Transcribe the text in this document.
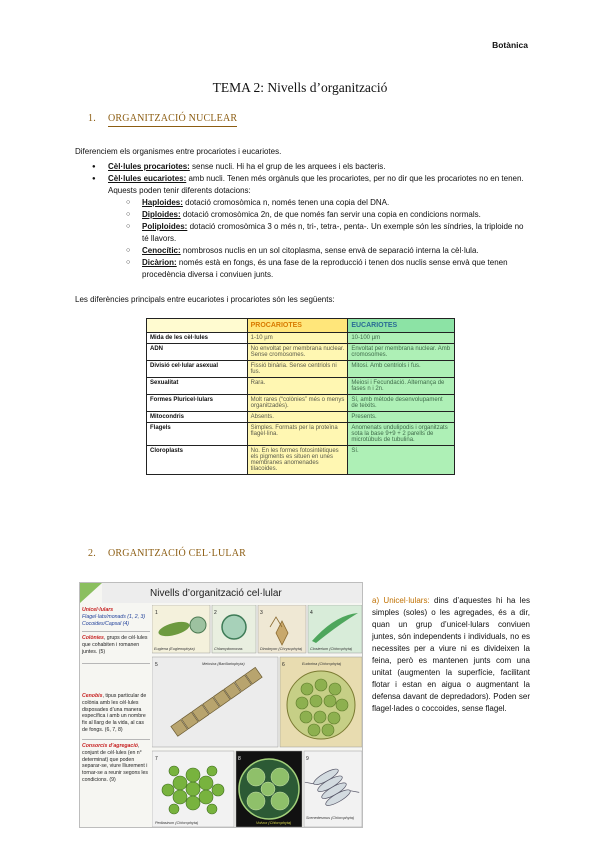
Botànica
TEMA 2: Nivells d’organització
1. ORGANITZACIÓ NUCLEAR
Diferenciem els organismes entre procariotes i eucariotes.
● Cèl·lules procariotes: sense nucli. Hi ha el grup de les arquees i els bacteris.
● Cèl·lules eucariotes: amb nucli. Tenen més orgànuls que les procariotes, per no dir que les procariotes no en tenen. Aquests poden tenir diferents dotacions:
○ Haploides: dotació cromosòmica n, només tenen una copia del DNA.
○ Diploides: dotació cromosòmica 2n, de que només fan servir una copia en condicions normals.
○ Poliploides: dotació cromosòmica 3 o més n, tri-, tetra-, penta-. Un exemple són les síndries, la triploide no té llavors.
○ Cenocític: nombrosos nuclis en un sol citoplasma, sense envà de separació interna la cèl·lula.
○ Dicàrion: només està en fongs, és una fase de la reproducció i tenen dos nuclis sense envà que tenen procedència diversa i conviuen junts.
Les diferències principals entre eucariotes i procariotes són les següents:
	PROCARIOTES	EUCARIOTES
Mida de les cèl·lules	1-10 µm	10-100 µm
ADN	No envoltat per membrana nuclear. Sense cromosomes.	Envoltat per membrana nuclear. Amb cromosomes.
Divisió cel·lular asexual	Fissió binària. Sense centriols ni fus.	Mitosi. Amb centriols i fus.
Sexualitat	Rara.	Meiosi i Fecundació. Alternança de fases n i 2n.
Formes Pluricel·lulars	Molt rares (“colònies” més o menys organitzades).	Sí, amb mètode desenvolupament de teixits.
Mitocondris	Absents.	Presents.
Flagels	Simples. Formats per la proteïna flagel·lina.	Anomenats undulipodis i organitzats sota la base 9+9 + 2 parells de microtúbuls de tubulina.
Cloroplasts	No. En les formes fotosintètiques els pigments es situen en unes membranes anomenades tilacoides.	Sí.
2. ORGANITZACIÓ CEL·LULAR
Nivells d’organització cel·lular
Unicel·lulars
Flagel·lats/monads (1, 2, 3)
Cocoides/Capsal (4)
Colònies, grups de cèl·lules que cohabiten i romanen juntes. (5)
Cenobis, tipus particular de colònia amb les cèl·lules disposades d’una manera específica i amb un nombre fix al llarg de la vida, al cas de fongs. (6, 7, 8)
Consorcis d’agregació, conjunt de cèl·lules (en n° determinat) que poden separar-se, viure lliurement i tornar-se a reunir segons les condicions. (9)
1
Euglena (Euglenophyta)
2
Chlamydomonas
3
Dinobryon (Chrysophyta)
4
Closterium (Chlorophyta)
5	Melosira (Bacillariophyta)	6	Eudorina (Chlorophyta)
7
Pediastrum (Chlorophyta)
8
Volvox (Chlorophyta)
9
Scenedesmus (Chlorophyta)
a) Unicel·lulars: dins d’aquestes hi ha les simples (soles) o les agregades, és a dir, quan un grup d’unicel·lulars conviuen juntes, són independents i individuals, no es necessites per a viure ni es divideixen la feina, però es mantenen junts com una unitat (augmenten la superfície, facilitant flotar i estan en aigua o augmentant la defensa davant de depredadors). Poden ser flagel·lades o coccoides, sense flagel.
